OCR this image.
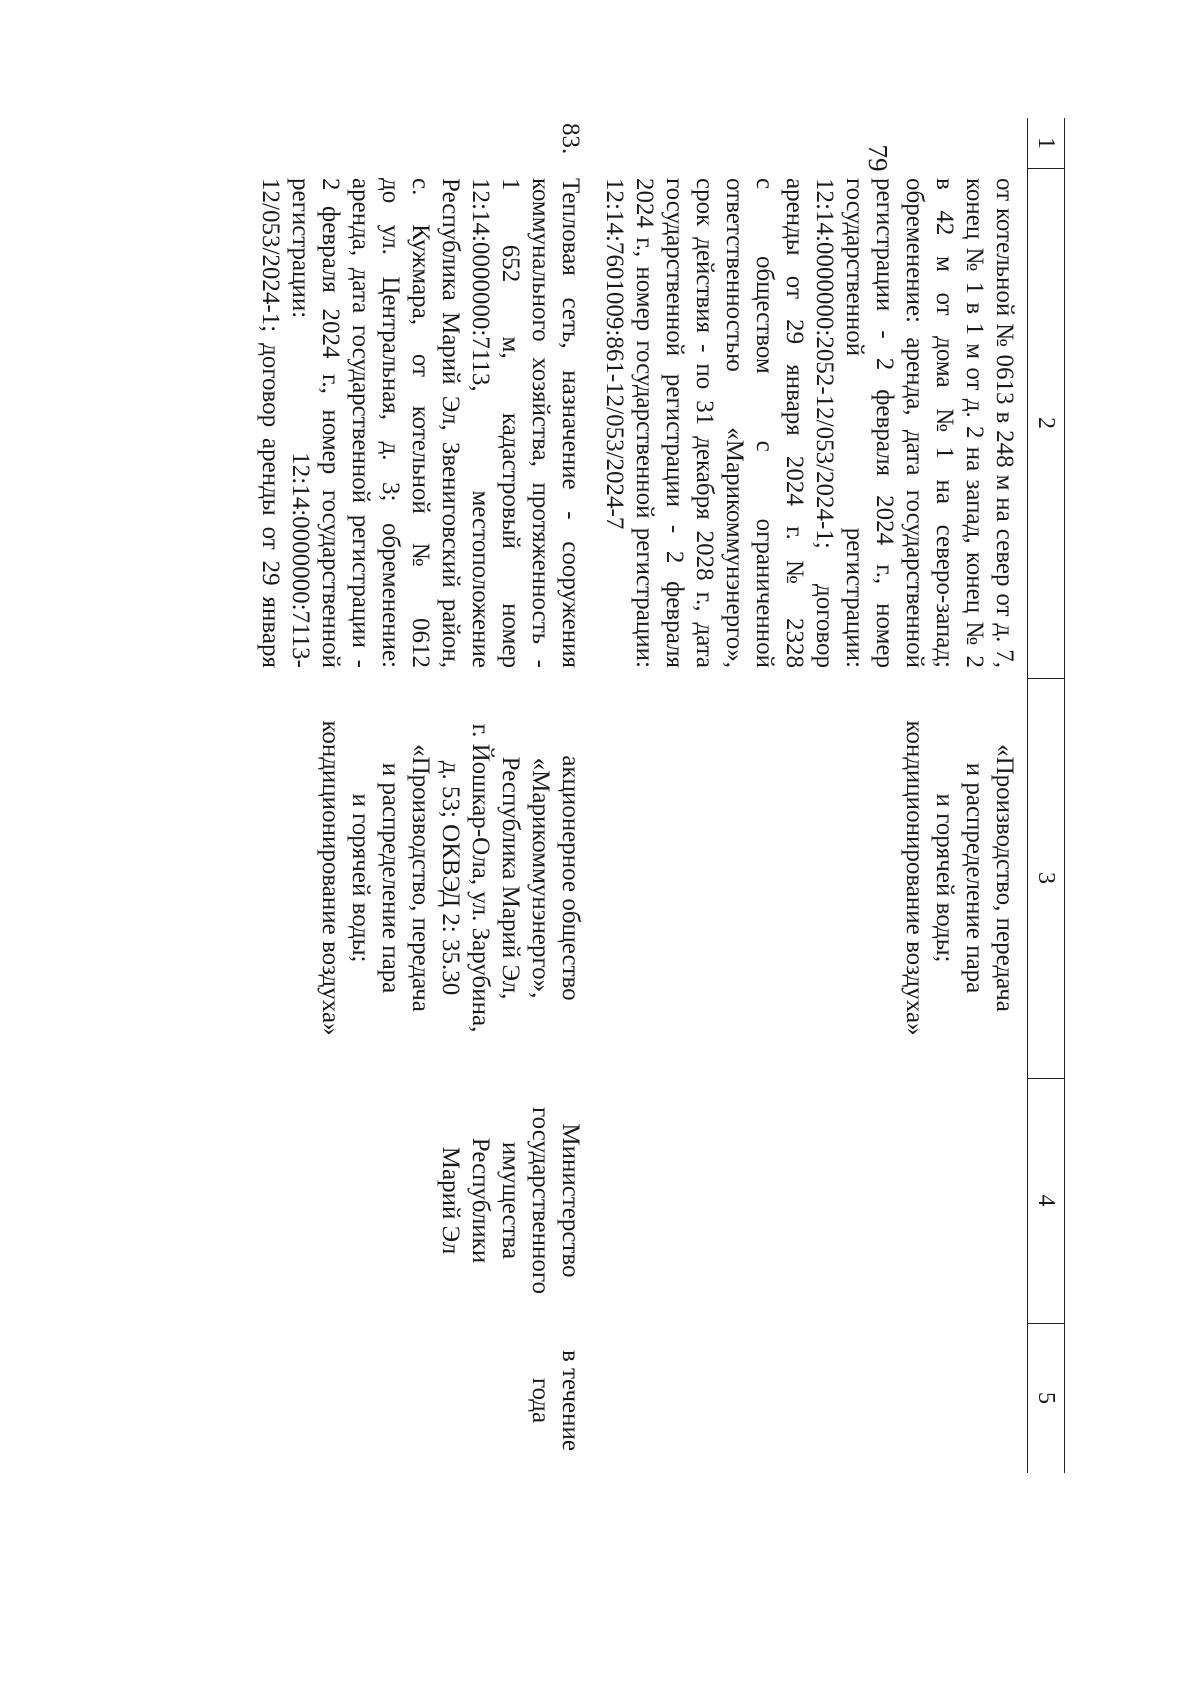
79
1
2
3
4
5
от котельной № 0613 в 248 м на север от д. 7,
конец № 1 в 1 м от д. 2 на запад, конец № 2
в 42 м от дома №1 на северо-запад;
обременение: аренда, дата государственной
регистрации - 2 февраля 2024 г., номер
государственной регистрации:
12:14:0000000:2052-12/053/2024-1; договор
аренды от 29 января 2024 г. № 2328
с обществом с ограниченной
ответственностью «Марикоммунэнерго»,
срок действия - по 31 декабря 2028 г., дата
государственной регистрации - 2 февраля
2024 г., номер государственной регистрации:
12:14:7601009:861-12/053/2024-7
«Производство, передача
и распределение пара
и горячей воды;
кондиционирование воздуха»
83.
Тепловая сеть, назначение - сооружения
коммунального хозяйства, протяженность -
1 652 м, кадастровый номер
12:14:0000000:7113, местоположение
Республика Марий Эл, Звениговский район,
с. Кужмара, от котельной № 0612
до ул. Центральная, д. 3; обременение:
аренда, дата государственной регистрации -
2 февраля 2024 г., номер государственной
регистрации: 12:14:0000000:7113-
12/053/2024-1; договор аренды от 29 января
акционерное общество
«Марикоммунэнерго»,
Республика Марий Эл,
г. Йошкар-Ола, ул. Зарубина,
д. 53; ОКВЭД 2: 35.30
«Производство, передача
и распределение пара
и горячей воды;
кондиционирование воздуха»
Министерство
государственного
имущества
Республики
Марий Эл
в течение
года
